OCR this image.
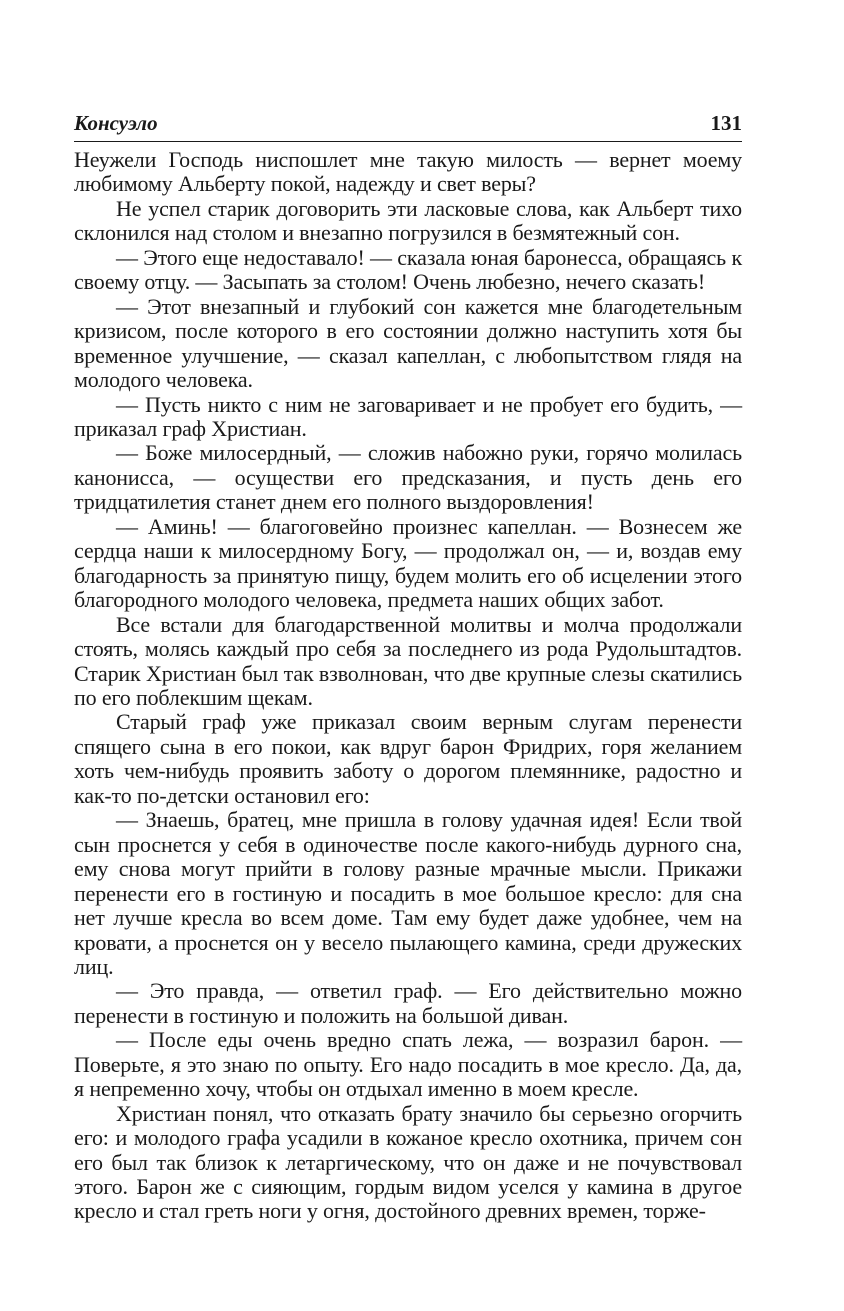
Консуэло	131

Неужели Господь ниспошлет мне такую милость — вернет моему любимому Альберту покой, надежду и свет веры?

Не успел старик договорить эти ласковые слова, как Альберт тихо склонился над столом и внезапно погрузился в безмятежный сон.

— Этого еще недоставало! — сказала юная баронесса, обращаясь к своему отцу. — Засыпать за столом! Очень любезно, нечего сказать!

— Этот внезапный и глубокий сон кажется мне благодетельным кризисом, после которого в его состоянии должно наступить хотя бы временное улучшение, — сказал капеллан, с любопытством глядя на молодого человека.

— Пусть никто с ним не заговаривает и не пробует его будить, — приказал граф Христиан.

— Боже милосердный, — сложив набожно руки, горячо молилась канонисса, — осуществи его предсказания, и пусть день его тридцатилетия станет днем его полного выздоровления!

— Аминь! — благоговейно произнес капеллан. — Вознесем же сердца наши к милосердному Богу, — продолжал он, — и, воздав ему благодарность за принятую пищу, будем молить его об исцелении этого благородного молодого человека, предмета наших общих забот.

Все встали для благодарственной молитвы и молча продолжали стоять, молясь каждый про себя за последнего из рода Рудольштадтов. Старик Христиан был так взволнован, что две крупные слезы скатились по его поблекшим щекам.

Старый граф уже приказал своим верным слугам перенести спящего сына в его покои, как вдруг барон Фридрих, горя желанием хоть чем-нибудь проявить заботу о дорогом племяннике, радостно и как-то по-детски остановил его:

— Знаешь, братец, мне пришла в голову удачная идея! Если твой сын проснется у себя в одиночестве после какого-нибудь дурного сна, ему снова могут прийти в голову разные мрачные мысли. Прикажи перенести его в гостиную и посадить в мое большое кресло: для сна нет лучше кресла во всем доме. Там ему будет даже удобнее, чем на кровати, а проснется он у весело пылающего камина, среди дружеских лиц.

— Это правда, — ответил граф. — Его действительно можно перенести в гостиную и положить на большой диван.

— После еды очень вредно спать лежа, — возразил барон. — Поверьте, я это знаю по опыту. Его надо посадить в мое кресло. Да, да, я непременно хочу, чтобы он отдыхал именно в моем кресле.

Христиан понял, что отказать брату значило бы серьезно огорчить его: и молодого графа усадили в кожаное кресло охотника, причем сон его был так близок к летаргическому, что он даже и не почувствовал этого. Барон же с сияющим, гордым видом уселся у камина в другое кресло и стал греть ноги у огня, достойного древних времен, торже-
